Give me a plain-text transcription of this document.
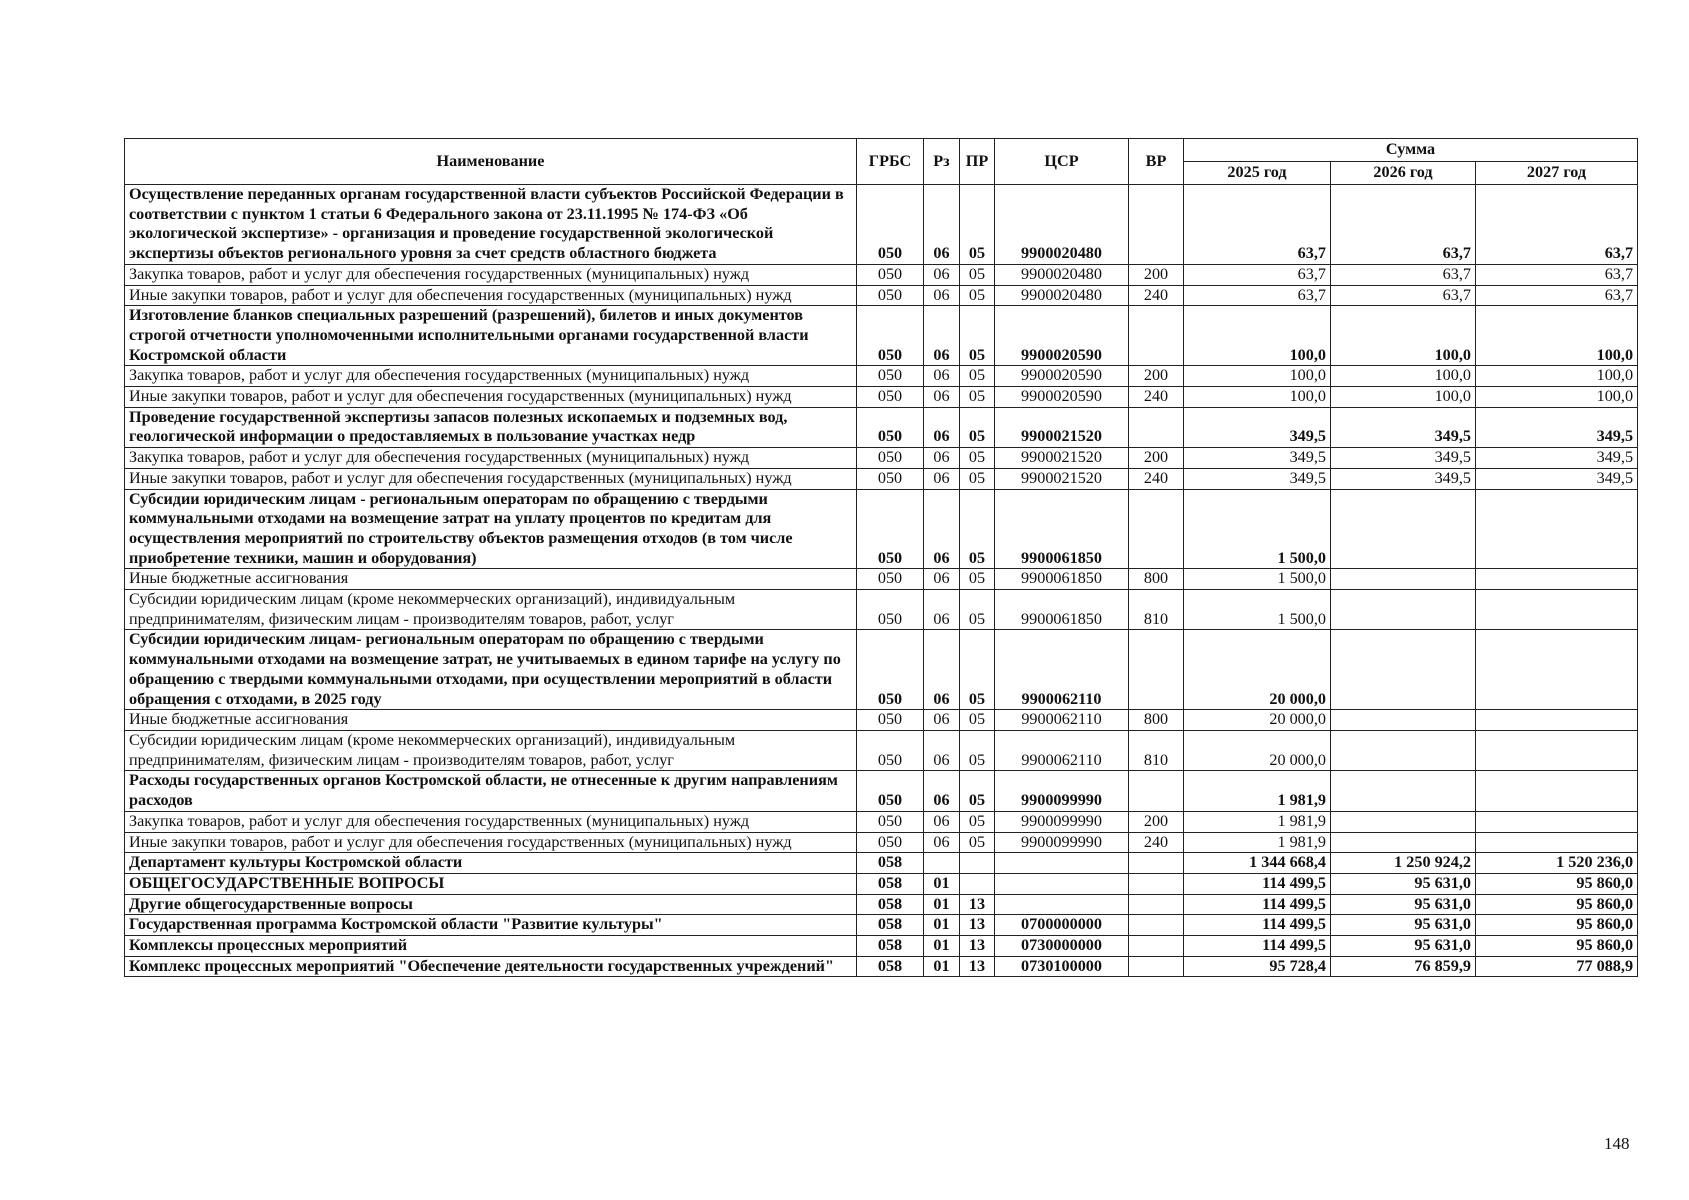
Наименование	ГРБС	Рз	ПР	ЦСР	ВР	Сумма		
						2025 год	2026 год	2027 год
Осуществление переданных органам государственной власти субъектов Российской Федерации в соответствии с пунктом 1 статьи 6 Федерального закона от 23.11.1995 № 174-ФЗ «Об экологической экспертизе» - организация и проведение государственной экологической экспертизы объектов регионального уровня за счет средств областного бюджета	050	06	05	9900020480		63,7	63,7	63,7
Закупка товаров, работ и услуг для обеспечения государственных (муниципальных) нужд	050	06	05	9900020480	200	63,7	63,7	63,7
Иные закупки товаров, работ и услуг для обеспечения государственных (муниципальных) нужд	050	06	05	9900020480	240	63,7	63,7	63,7
Изготовление бланков специальных разрешений (разрешений), билетов и иных документов строгой отчетности уполномоченными исполнительными органами государственной власти Костромской области	050	06	05	9900020590		100,0	100,0	100,0
Закупка товаров, работ и услуг для обеспечения государственных (муниципальных) нужд	050	06	05	9900020590	200	100,0	100,0	100,0
Иные закупки товаров, работ и услуг для обеспечения государственных (муниципальных) нужд	050	06	05	9900020590	240	100,0	100,0	100,0
Проведение государственной экспертизы запасов полезных ископаемых и подземных вод, геологической информации о предоставляемых в пользование участках недр	050	06	05	9900021520		349,5	349,5	349,5
Закупка товаров, работ и услуг для обеспечения государственных (муниципальных) нужд	050	06	05	9900021520	200	349,5	349,5	349,5
Иные закупки товаров, работ и услуг для обеспечения государственных (муниципальных) нужд	050	06	05	9900021520	240	349,5	349,5	349,5
Субсидии юридическим лицам - региональным операторам по обращению с твердыми коммунальными отходами на возмещение затрат на уплату процентов по кредитам для осуществления мероприятий по строительству объектов размещения отходов (в том числе приобретение техники, машин и оборудования)	050	06	05	9900061850		1 500,0		
Иные бюджетные ассигнования	050	06	05	9900061850	800	1 500,0		
Субсидии юридическим лицам (кроме некоммерческих организаций), индивидуальным предпринимателям, физическим лицам - производителям товаров, работ, услуг	050	06	05	9900061850	810	1 500,0		
Субсидии юридическим лицам- региональным операторам по обращению с твердыми коммунальными отходами на возмещение затрат, не учитываемых в едином тарифе на услугу по обращению с твердыми коммунальными отходами, при осуществлении мероприятий в области обращения с отходами, в 2025 году	050	06	05	9900062110		20 000,0		
Иные бюджетные ассигнования	050	06	05	9900062110	800	20 000,0		
Субсидии юридическим лицам (кроме некоммерческих организаций), индивидуальным предпринимателям, физическим лицам - производителям товаров, работ, услуг	050	06	05	9900062110	810	20 000,0		
Расходы государственных органов Костромской области, не отнесенные к другим направлениям расходов	050	06	05	9900099990		1 981,9		
Закупка товаров, работ и услуг для обеспечения государственных (муниципальных) нужд	050	06	05	9900099990	200	1 981,9		
Иные закупки товаров, работ и услуг для обеспечения государственных (муниципальных) нужд	050	06	05	9900099990	240	1 981,9		
Департамент культуры Костромской области	058					1 344 668,4	1 250 924,2	1 520 236,0
ОБЩЕГОСУДАРСТВЕННЫЕ ВОПРОСЫ	058	01				114 499,5	95 631,0	95 860,0
Другие общегосударственные вопросы	058	01	13			114 499,5	95 631,0	95 860,0
Государственная программа Костромской области "Развитие культуры"	058	01	13	0700000000		114 499,5	95 631,0	95 860,0
Комплексы процессных мероприятий	058	01	13	0730000000		114 499,5	95 631,0	95 860,0
Комплекс процессных мероприятий "Обеспечение деятельности государственных учреждений"	058	01	13	0730100000		95 728,4	76 859,9	77 088,9
148
